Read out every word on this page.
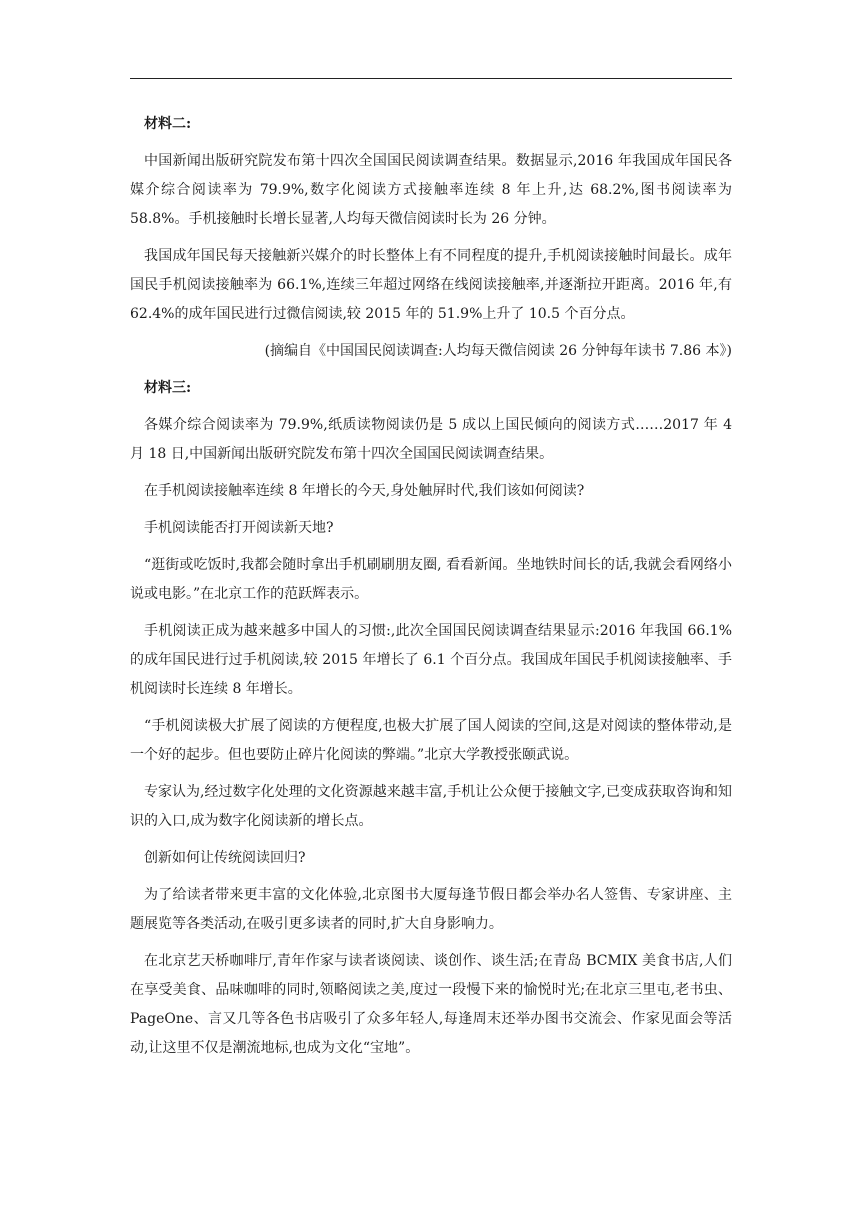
材料二:

中国新闻出版研究院发布第十四次全国国民阅读调查结果。数据显示,2016 年我国成年国民各媒介综合阅读率为 79.9%,数字化阅读方式接触率连续 8 年上升,达 68.2%,图书阅读率为 58.8%。手机接触时长增长显著,人均每天微信阅读时长为 26 分钟。

我国成年国民每天接触新兴媒介的时长整体上有不同程度的提升,手机阅读接触时间最长。成年国民手机阅读接触率为 66.1%,连续三年超过网络在线阅读接触率,并逐渐拉开距离。2016 年,有 62.4%的成年国民进行过微信阅读,较 2015 年的 51.9%上升了 10.5 个百分点。

(摘编自《中国国民阅读调查:人均每天微信阅读 26 分钟每年读书 7.86 本》)

材料三:

各媒介综合阅读率为 79.9%,纸质读物阅读仍是 5 成以上国民倾向的阅读方式……2017 年 4 月 18 日,中国新闻出版研究院发布第十四次全国国民阅读调查结果。

在手机阅读接触率连续 8 年增长的今天,身处触屏时代,我们该如何阅读?

手机阅读能否打开阅读新天地?

“逛街或吃饭时,我都会随时拿出手机刷刷朋友圈, 看看新闻。坐地铁时间长的话,我就会看网络小说或电影。”在北京工作的范跃辉表示。

手机阅读正成为越来越多中国人的习惯:,此次全国国民阅读调查结果显示:2016 年我国 66.1%的成年国民进行过手机阅读,较 2015 年增长了 6.1 个百分点。我国成年国民手机阅读接触率、手机阅读时长连续 8 年增长。

“手机阅读极大扩展了阅读的方便程度,也极大扩展了国人阅读的空间,这是对阅读的整体带动,是一个好的起步。但也要防止碎片化阅读的弊端。”北京大学教授张颐武说。

专家认为,经过数字化处理的文化资源越来越丰富,手机让公众便于接触文字,已变成获取咨询和知识的入口,成为数字化阅读新的增长点。

创新如何让传统阅读回归?

为了给读者带来更丰富的文化体验,北京图书大厦每逢节假日都会举办名人签售、专家讲座、主题展览等各类活动,在吸引更多读者的同时,扩大自身影响力。

在北京艺天桥咖啡厅,青年作家与读者谈阅读、谈创作、谈生活;在青岛 BCMIX 美食书店,人们在享受美食、品味咖啡的同时,领略阅读之美,度过一段慢下来的愉悦时光;在北京三里屯,老书虫、PageOne、言又几等各色书店吸引了众多年轻人,每逢周末还举办图书交流会、作家见面会等活动,让这里不仅是潮流地标,也成为文化“宝地”。
